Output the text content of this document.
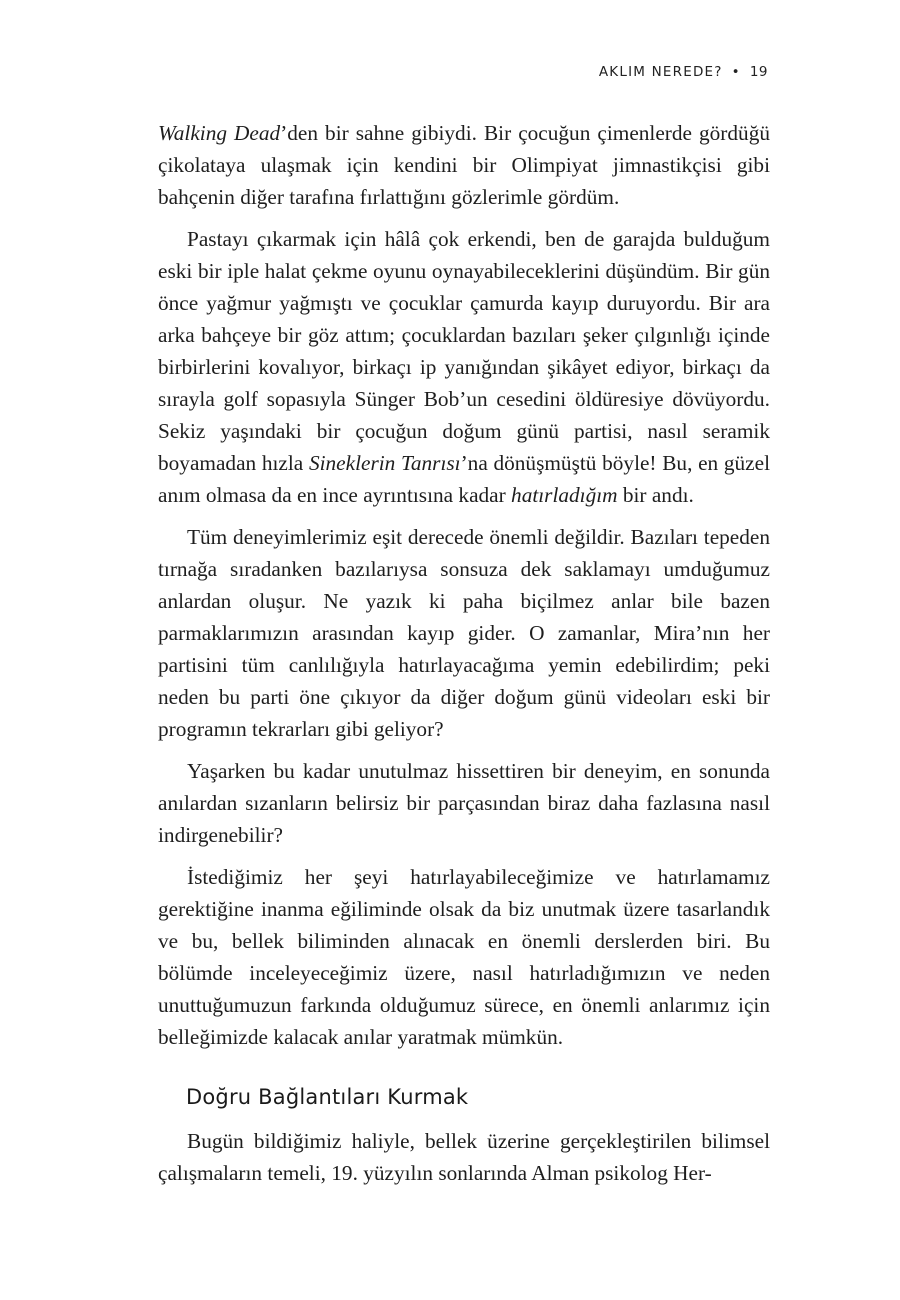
AKLIM NEREDE? • 19

Walking Dead’den bir sahne gibiydi. Bir çocuğun çimenlerde gördüğü çikolataya ulaşmak için kendini bir Olimpiyat jimnastikçisi gibi bahçenin diğer tarafına fırlattığını gözlerimle gördüm.

Pastayı çıkarmak için hâlâ çok erkendi, ben de garajda bulduğum eski bir iple halat çekme oyunu oynayabileceklerini düşündüm. Bir gün önce yağmur yağmıştı ve çocuklar çamurda kayıp duruyordu. Bir ara arka bahçeye bir göz attım; çocuklardan bazıları şeker çılgınlığı içinde birbirlerini kovalıyor, birkaçı ip yanığından şikâyet ediyor, birkaçı da sırayla golf sopasıyla Sünger Bob’un cesedini öldüresiye dövüyordu. Sekiz yaşındaki bir çocuğun doğum günü partisi, nasıl seramik boyamadan hızla Sineklerin Tanrısı’na dönüşmüştü böyle! Bu, en güzel anım olmasa da en ince ayrıntısına kadar hatırladığım bir andı.

Tüm deneyimlerimiz eşit derecede önemli değildir. Bazıları tepeden tırnağa sıradanken bazılarıysa sonsuza dek saklamayı umduğumuz anlardan oluşur. Ne yazık ki paha biçilmez anlar bile bazen parmaklarımızın arasından kayıp gider. O zamanlar, Mira’nın her partisini tüm canlılığıyla hatırlayacağıma yemin edebilirdim; peki neden bu parti öne çıkıyor da diğer doğum günü videoları eski bir programın tekrarları gibi geliyor?

Yaşarken bu kadar unutulmaz hissettiren bir deneyim, en sonunda anılardan sızanların belirsiz bir parçasından biraz daha fazlasına nasıl indirgenebilir?

İstediğimiz her şeyi hatırlayabileceğimize ve hatırlamamız gerektiğine inanma eğiliminde olsak da biz unutmak üzere tasarlandık ve bu, bellek biliminden alınacak en önemli derslerden biri. Bu bölümde inceleyeceğimiz üzere, nasıl hatırladığımızın ve neden unuttuğumuzun farkında olduğumuz sürece, en önemli anlarımız için belleğimizde kalacak anılar yaratmak mümkün.

Doğru Bağlantıları Kurmak

Bugün bildiğimiz haliyle, bellek üzerine gerçekleştirilen bilimsel çalışmaların temeli, 19. yüzyılın sonlarında Alman psikolog Her-
